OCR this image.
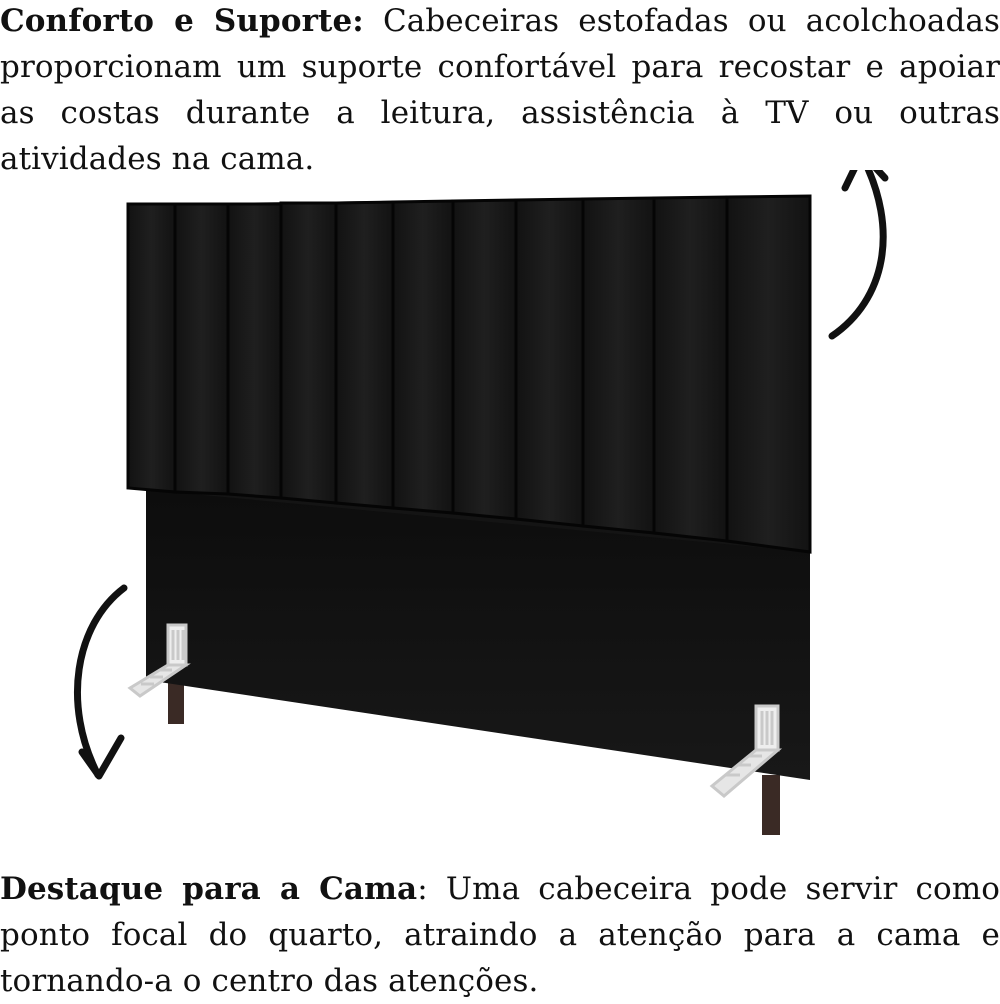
Conforto e Suporte: Cabeceiras estofadas ou acolchoadas proporcionam um suporte confortável para recostar e apoiar as costas durante a leitura, assistência à TV ou outras atividades na cama.

Destaque para a Cama: Uma cabeceira pode servir como ponto focal do quarto, atraindo a atenção para a cama e tornando-a o centro das atenções.
